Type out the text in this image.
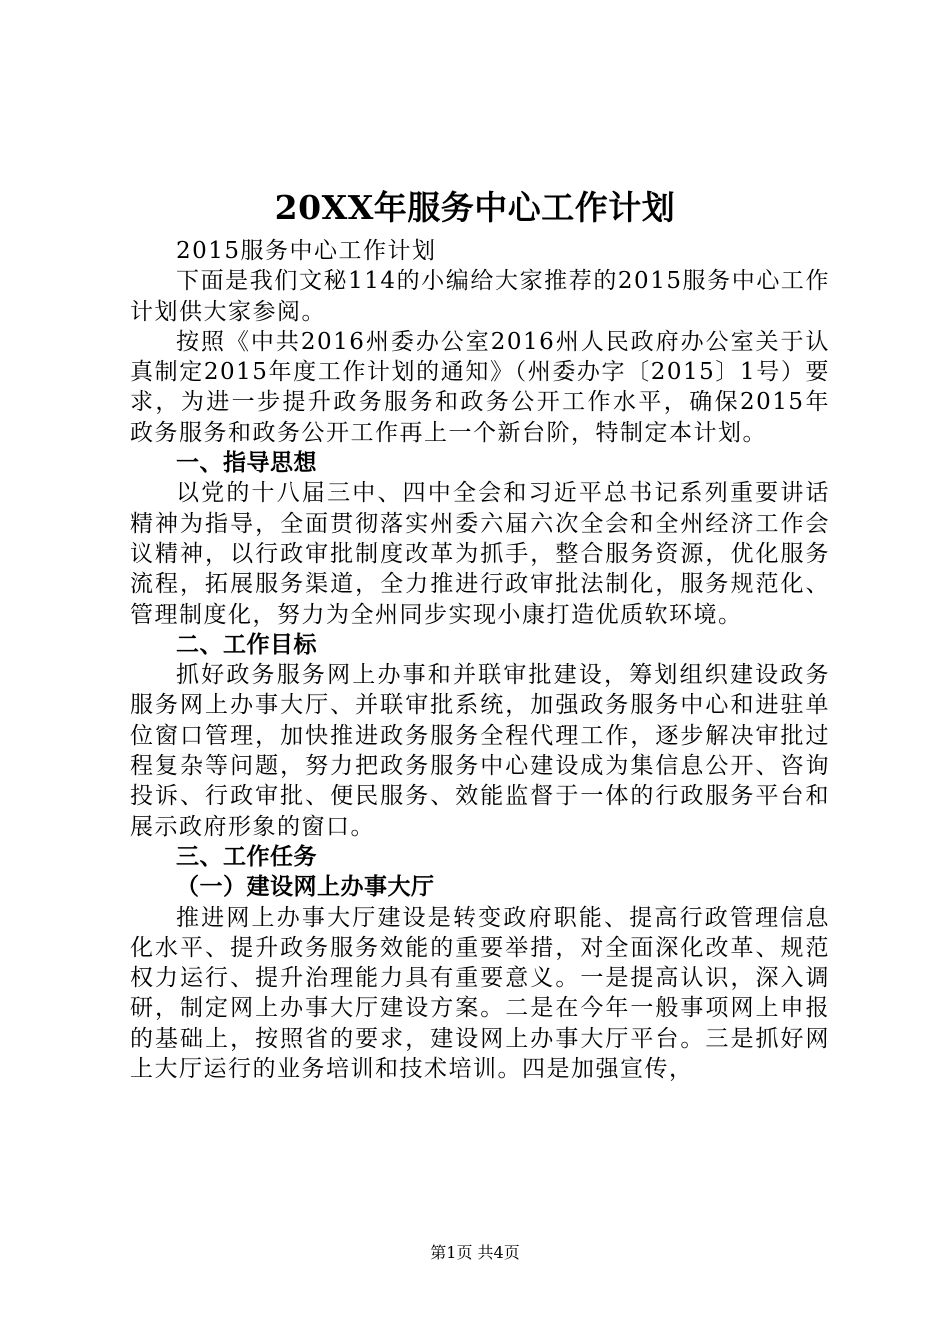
20XX年服务中心工作计划

2015服务中心工作计划

下面是我们文秘114的小编给大家推荐的2015服务中心工作计划供大家参阅。

按照《中共2016州委办公室2016州人民政府办公室关于认真制定2015年度工作计划的通知》（州委办字〔2015〕1号）要求，为进一步提升政务服务和政务公开工作水平，确保2015年政务服务和政务公开工作再上一个新台阶，特制定本计划。

一、指导思想

以党的十八届三中、四中全会和习近平总书记系列重要讲话精神为指导，全面贯彻落实州委六届六次全会和全州经济工作会议精神，以行政审批制度改革为抓手，整合服务资源，优化服务流程，拓展服务渠道，全力推进行政审批法制化，服务规范化、管理制度化，努力为全州同步实现小康打造优质软环境。

二、工作目标

抓好政务服务网上办事和并联审批建设，筹划组织建设政务服务网上办事大厅、并联审批系统，加强政务服务中心和进驻单位窗口管理，加快推进政务服务全程代理工作，逐步解决审批过程复杂等问题，努力把政务服务中心建设成为集信息公开、咨询投诉、行政审批、便民服务、效能监督于一体的行政服务平台和展示政府形象的窗口。

三、工作任务

（一）建设网上办事大厅

推进网上办事大厅建设是转变政府职能、提高行政管理信息化水平、提升政务服务效能的重要举措，对全面深化改革、规范权力运行、提升治理能力具有重要意义。一是提高认识，深入调研，制定网上办事大厅建设方案。二是在今年一般事项网上申报的基础上，按照省的要求，建设网上办事大厅平台。三是抓好网上大厅运行的业务培训和技术培训。四是加强宣传，

第1页 共4页
